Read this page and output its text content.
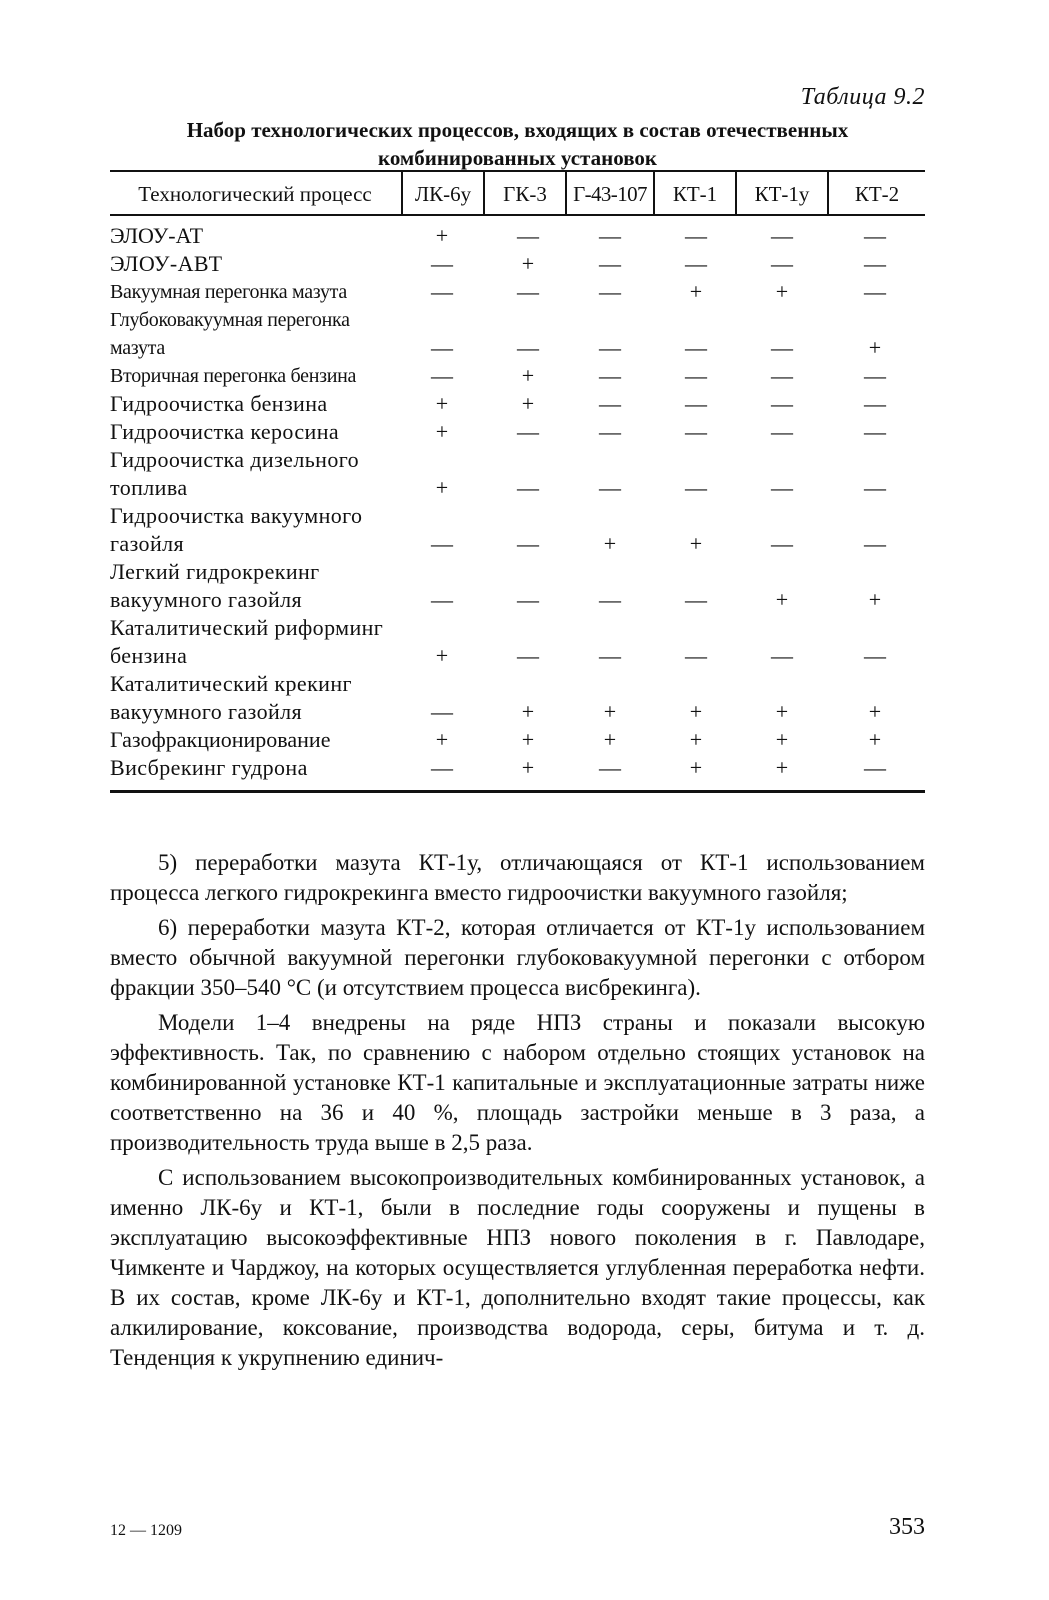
Таблица 9.2
Набор технологических процессов, входящих в состав отечественных
комбинированных установок
Технологический процесс	ЛК-6у	ГК-3	Г-43-107	КТ-1	КТ-1у	КТ-2
ЭЛОУ-АТ	+	—	—	—	—	—
ЭЛОУ-АВТ	—	+	—	—	—	—
Вакуумная перегонка мазута	—	—	—	+	+	—
Глубоковакуумная перегонка
мазута	—	—	—	—	—	+
Вторичная перегонка бензина	—	+	—	—	—	—
Гидроочистка бензина	+	+	—	—	—	—
Гидроочистка керосина	+	—	—	—	—	—
Гидроочистка дизельного
топлива	+	—	—	—	—	—
Гидроочистка вакуумного
газойля	—	—	+	+	—	—
Легкий гидрокрекинг
вакуумного газойля	—	—	—	—	+	+
Каталитический риформинг
бензина	+	—	—	—	—	—
Каталитический крекинг
вакуумного газойля	—	+	+	+	+	+
Газофракционирование	+	+	+	+	+	+
Висбрекинг гудрона	—	+	—	+	+	—

5) переработки мазута КТ-1у, отличающаяся от КТ-1 использованием процесса легкого гидрокрекинга вместо гидроочистки вакуумного газойля;

6) переработки мазута КТ-2, которая отличается от КТ-1у использованием вместо обычной вакуумной перегонки глубоковакуумной перегонки с отбором фракции 350–540 °С (и отсутствием процесса висбрекинга).

Модели 1–4 внедрены на ряде НПЗ страны и показали высокую эффективность. Так, по сравнению с набором отдельно стоящих установок на комбинированной установке КТ-1 капитальные и эксплуатационные затраты ниже соответственно на 36 и 40 %, площадь застройки меньше в 3 раза, а производительность труда выше в 2,5 раза.

С использованием высокопроизводительных комбинированных установок, а именно ЛК-6у и КТ-1, были в последние годы сооружены и пущены в эксплуатацию высокоэффективные НПЗ нового поколения в г. Павлодаре, Чимкенте и Чарджоу, на которых осуществляется углубленная переработка нефти. В их состав, кроме ЛК-6у и КТ-1, дополнительно входят такие процессы, как алкилирование, коксование, производства водорода, серы, битума и т. д. Тенденция к укрупнению единич-

12 — 1209	353
